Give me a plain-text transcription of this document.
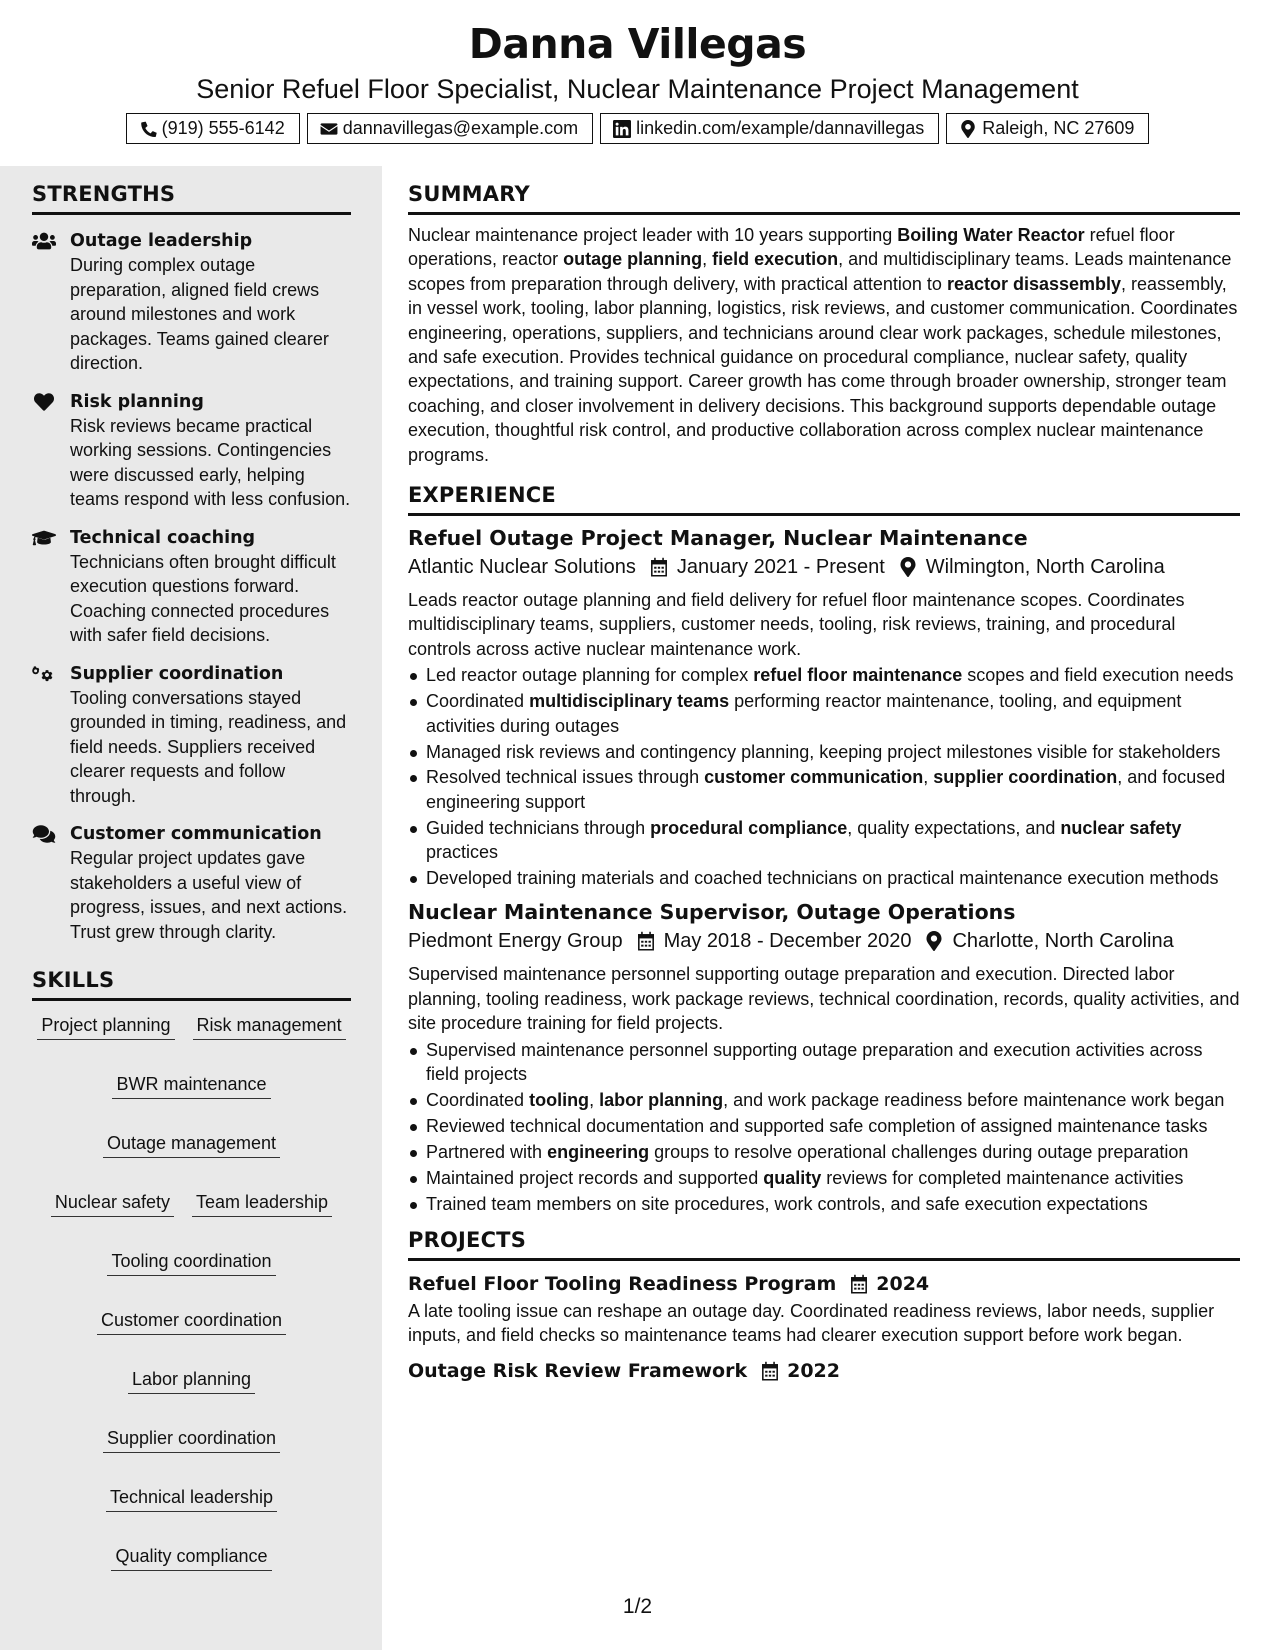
Danna Villegas
Senior Refuel Floor Specialist, Nuclear Maintenance Project Management
(919) 555-6142	dannavillegas@example.com	linkedin.com/example/dannavillegas	Raleigh, NC 27609
STRENGTHS
Outage leadership
During complex outage preparation, aligned field crews around milestones and work packages. Teams gained clearer direction.
Risk planning
Risk reviews became practical working sessions. Contingencies were discussed early, helping teams respond with less confusion.
Technical coaching
Technicians often brought difficult execution questions forward. Coaching connected procedures with safer field decisions.
Supplier coordination
Tooling conversations stayed grounded in timing, readiness, and field needs. Suppliers received clearer requests and follow through.
Customer communication
Regular project updates gave stakeholders a useful view of progress, issues, and next actions. Trust grew through clarity.
SKILLS
Project planning Risk management
BWR maintenance
Outage management
Nuclear safety Team leadership
Tooling coordination
Customer coordination
Labor planning
Supplier coordination
Technical leadership
Quality compliance
SUMMARY
Nuclear maintenance project leader with 10 years supporting Boiling Water Reactor refuel floor operations, reactor outage planning, field execution, and multidisciplinary teams. Leads maintenance scopes from preparation through delivery, with practical attention to reactor disassembly, reassembly, in vessel work, tooling, labor planning, logistics, risk reviews, and customer communication. Coordinates engineering, operations, suppliers, and technicians around clear work packages, schedule milestones, and safe execution. Provides technical guidance on procedural compliance, nuclear safety, quality expectations, and training support. Career growth has come through broader ownership, stronger team coaching, and closer involvement in delivery decisions. This background supports dependable outage execution, thoughtful risk control, and productive collaboration across complex nuclear maintenance programs.
EXPERIENCE
Refuel Outage Project Manager, Nuclear Maintenance
Atlantic Nuclear Solutions January 2021 - Present Wilmington, North Carolina
Leads reactor outage planning and field delivery for refuel floor maintenance scopes. Coordinates multidisciplinary teams, suppliers, customer needs, tooling, risk reviews, training, and procedural controls across active nuclear maintenance work.
Led reactor outage planning for complex refuel floor maintenance scopes and field execution needs
Coordinated multidisciplinary teams performing reactor maintenance, tooling, and equipment activities during outages
Managed risk reviews and contingency planning, keeping project milestones visible for stakeholders
Resolved technical issues through customer communication, supplier coordination, and focused engineering support
Guided technicians through procedural compliance, quality expectations, and nuclear safety practices
Developed training materials and coached technicians on practical maintenance execution methods
Nuclear Maintenance Supervisor, Outage Operations
Piedmont Energy Group May 2018 - December 2020 Charlotte, North Carolina
Supervised maintenance personnel supporting outage preparation and execution. Directed labor planning, tooling readiness, work package reviews, technical coordination, records, quality activities, and site procedure training for field projects.
Supervised maintenance personnel supporting outage preparation and execution activities across field projects
Coordinated tooling, labor planning, and work package readiness before maintenance work began
Reviewed technical documentation and supported safe completion of assigned maintenance tasks
Partnered with engineering groups to resolve operational challenges during outage preparation
Maintained project records and supported quality reviews for completed maintenance activities
Trained team members on site procedures, work controls, and safe execution expectations
PROJECTS
Refuel Floor Tooling Readiness Program 2024
A late tooling issue can reshape an outage day. Coordinated readiness reviews, labor needs, supplier inputs, and field checks so maintenance teams had clearer execution support before work began.
Outage Risk Review Framework 2022
1/2
